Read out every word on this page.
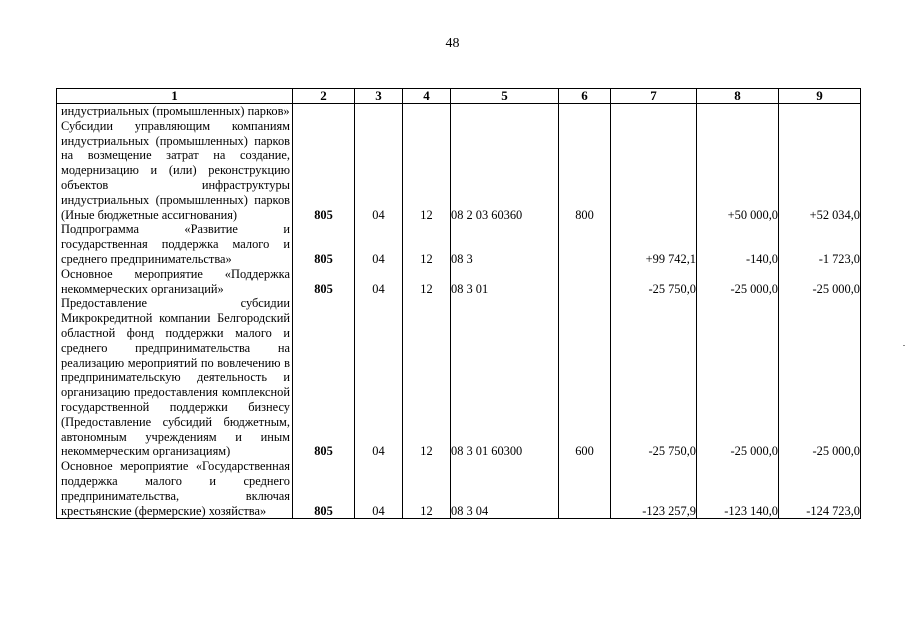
48
1	2	3	4	5	6	7	8	9
индустриальных (промышленных) парков»								
Субсидии управляющим компаниям индустриальных (промышленных) парков на возмещение затрат на создание, модернизацию и (или) реконструкцию объектов инфраструктуры индустриальных (промышленных) парков (Иные бюджетные ассигнования)	805	04	12	08 2 03 60360	800		+50 000,0	+52 034,0
Подпрограмма «Развитие и государственная поддержка малого и среднего предпринимательства»	805	04	12	08 3		+99 742,1	-140,0	-1 723,0
Основное мероприятие «Поддержка некоммерческих организаций»	805	04	12	08 3 01		-25 750,0	-25 000,0	-25 000,0
Предоставление субсидии Микрокредитной компании Белгородский областной фонд поддержки малого и среднего предпринимательства на реализацию мероприятий по вовлечению в предпринимательскую деятельность и организацию предоставления комплексной государственной поддержки бизнесу (Предоставление субсидий бюджетным, автономным учреждениям и иным некоммерческим организациям)	805	04	12	08 3 01 60300	600	-25 750,0	-25 000,0	-25 000,0
Основное мероприятие «Государственная поддержка малого и среднего предпринимательства, включая крестьянские (фермерские) хозяйства»	805	04	12	08 3 04		-123 257,9	-123 140,0	-124 723,0
